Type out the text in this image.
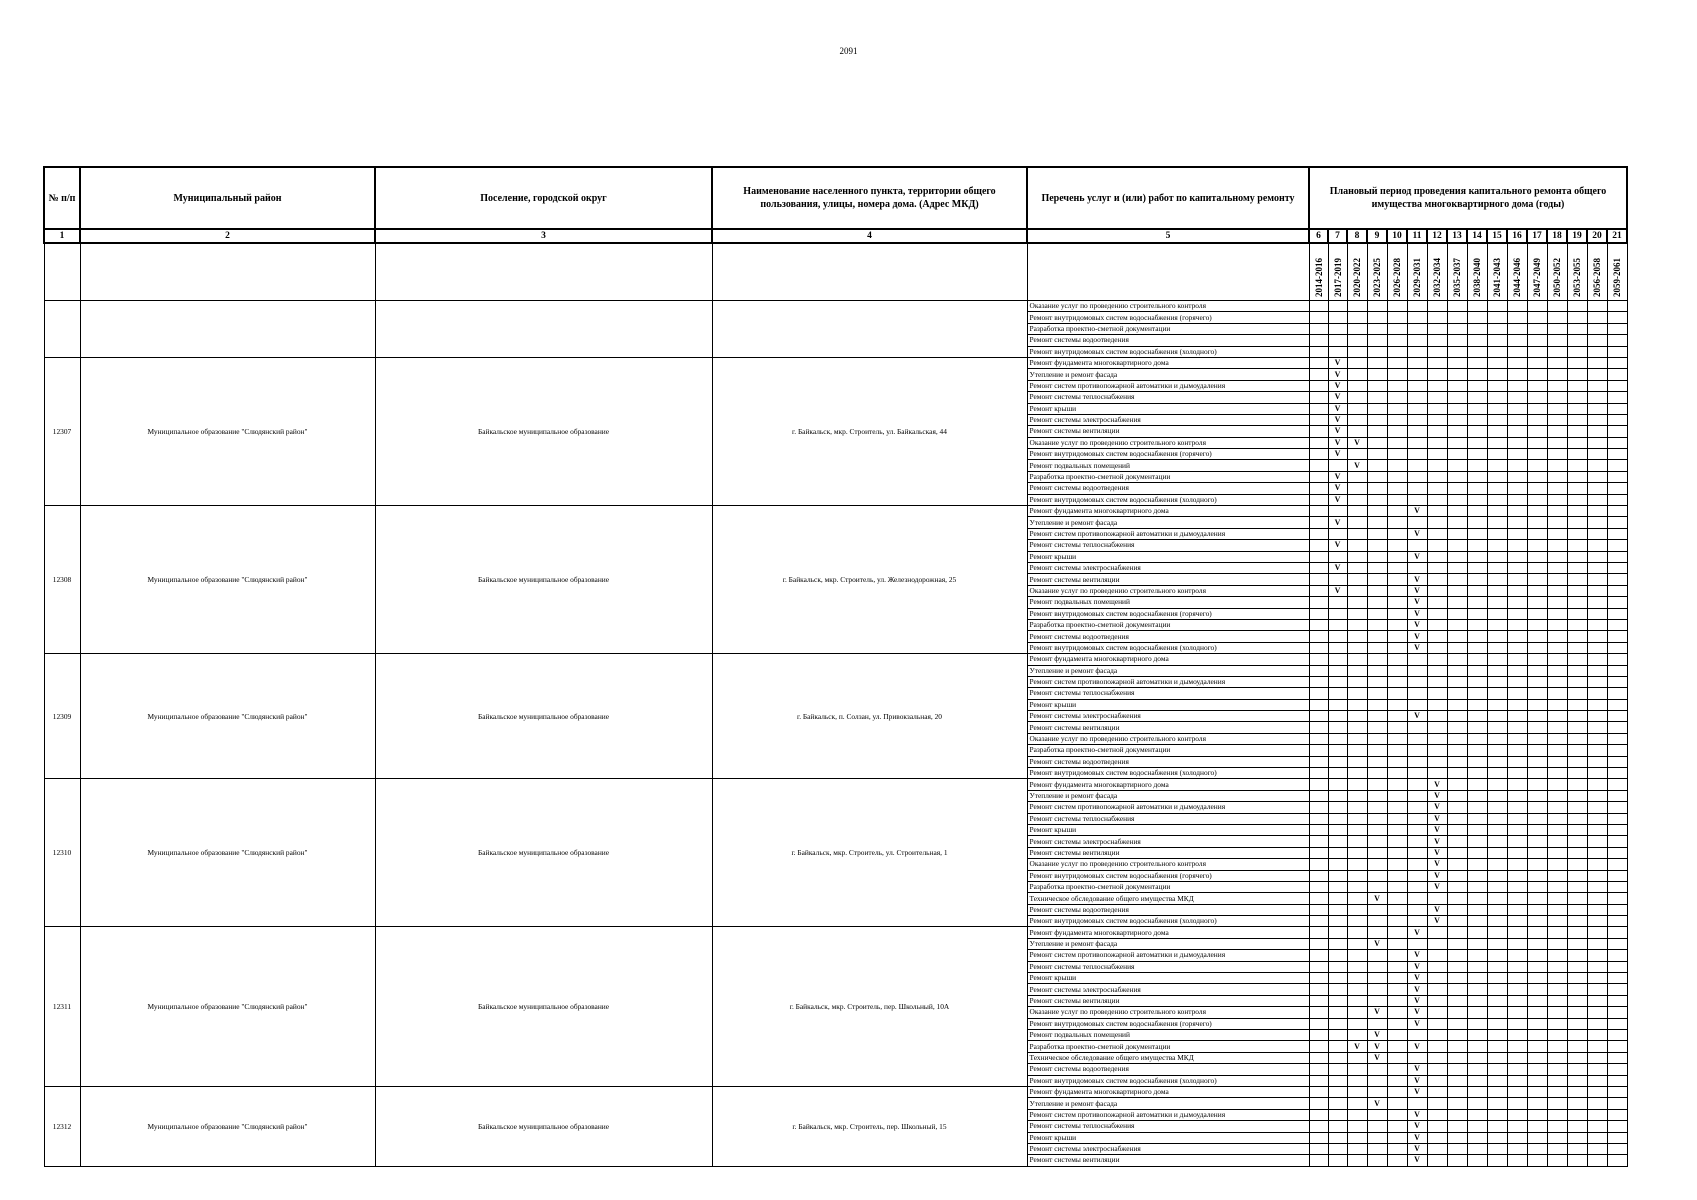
2091
№ п/п	Муниципальный район	Поселение, городской округ	Наименование населенного пункта, территории общего пользования, улицы, номера дома. (Адрес МКД)	Перечень услуг и (или) работ по капитальному ремонту	Плановый период проведения капитального ремонта общего имущества многоквартирного дома (годы)															
1	2	3	4	5	6	7	8	9	10	11	12	13	14	15	16	17	18	19	20	21
					2014-2016	2017-2019	2020-2022	2023-2025	2026-2028	2029-2031	2032-2034	2035-2037	2038-2040	2041-2043	2044-2046	2047-2049	2050-2052	2053-2055	2056-2058	2059-2061
				Оказание услуг по проведению строительного контроля																
				Ремонт внутридомовых систем водоснабжения (горячего)																
				Разработка проектно-сметной документации																
				Ремонт системы водоотведения																
				Ремонт внутридомовых систем водоснабжения (холодного)																
12307	Муниципальное образование "Слюдянский район"	Байкальское муниципальное образование	г. Байкальск, мкр. Строитель, ул. Байкальская, 44	Ремонт фундамента многоквартирного дома		V														
				Утепление и ремонт фасада		V														
				Ремонт систем противопожарной автоматики и дымоудаления		V														
				Ремонт системы теплоснабжения		V														
				Ремонт крыши		V														
				Ремонт системы электроснабжения		V														
				Ремонт системы вентиляции		V														
				Оказание услуг по проведению строительного контроля		V	V													
				Ремонт внутридомовых систем водоснабжения (горячего)		V														
				Ремонт подвальных помещений			V													
				Разработка проектно-сметной документации		V														
				Ремонт системы водоотведения		V														
				Ремонт внутридомовых систем водоснабжения (холодного)		V														
12308	Муниципальное образование "Слюдянский район"	Байкальское муниципальное образование	г. Байкальск, мкр. Строитель, ул. Железнодорожная, 25	Ремонт фундамента многоквартирного дома						V										
				Утепление и ремонт фасада		V														
				Ремонт систем противопожарной автоматики и дымоудаления						V										
				Ремонт системы теплоснабжения		V														
				Ремонт крыши						V										
				Ремонт системы электроснабжения		V														
				Ремонт системы вентиляции						V										
				Оказание услуг по проведению строительного контроля		V				V										
				Ремонт подвальных помещений						V										
				Ремонт внутридомовых систем водоснабжения (горячего)						V										
				Разработка проектно-сметной документации						V										
				Ремонт системы водоотведения						V										
				Ремонт внутридомовых систем водоснабжения (холодного)						V										
12309	Муниципальное образование "Слюдянский район"	Байкальское муниципальное образование	г. Байкальск, п. Солзан, ул. Привокзальная, 20	Ремонт фундамента многоквартирного дома																
				Утепление и ремонт фасада																
				Ремонт систем противопожарной автоматики и дымоудаления																
				Ремонт системы теплоснабжения																
				Ремонт крыши																
				Ремонт системы электроснабжения						V										
				Ремонт системы вентиляции																
				Оказание услуг по проведению строительного контроля																
				Разработка проектно-сметной документации																
				Ремонт системы водоотведения																
				Ремонт внутридомовых систем водоснабжения (холодного)																
12310	Муниципальное образование "Слюдянский район"	Байкальское муниципальное образование	г. Байкальск, мкр. Строитель, ул. Строительная, 1	Ремонт фундамента многоквартирного дома							V									
				Утепление и ремонт фасада							V									
				Ремонт систем противопожарной автоматики и дымоудаления							V									
				Ремонт системы теплоснабжения							V									
				Ремонт крыши							V									
				Ремонт системы электроснабжения							V									
				Ремонт системы вентиляции							V									
				Оказание услуг по проведению строительного контроля							V									
				Ремонт внутридомовых систем водоснабжения (горячего)							V									
				Разработка проектно-сметной документации							V									
				Техническое обследование общего имущества МКД				V												
				Ремонт системы водоотведения							V									
				Ремонт внутридомовых систем водоснабжения (холодного)							V									
12311	Муниципальное образование "Слюдянский район"	Байкальское муниципальное образование	г. Байкальск, мкр. Строитель, пер. Школьный, 10А	Ремонт фундамента многоквартирного дома						V										
				Утепление и ремонт фасада				V												
				Ремонт систем противопожарной автоматики и дымоудаления						V										
				Ремонт системы теплоснабжения						V										
				Ремонт крыши						V										
				Ремонт системы электроснабжения						V										
				Ремонт системы вентиляции						V										
				Оказание услуг по проведению строительного контроля				V		V										
				Ремонт внутридомовых систем водоснабжения (горячего)						V										
				Ремонт подвальных помещений				V												
				Разработка проектно-сметной документации			V	V		V										
				Техническое обследование общего имущества МКД				V												
				Ремонт системы водоотведения						V										
				Ремонт внутридомовых систем водоснабжения (холодного)						V										
12312	Муниципальное образование "Слюдянский район"	Байкальское муниципальное образование	г. Байкальск, мкр. Строитель, пер. Школьный, 15	Ремонт фундамента многоквартирного дома						V										
				Утепление и ремонт фасада				V												
				Ремонт систем противопожарной автоматики и дымоудаления						V										
				Ремонт системы теплоснабжения						V										
				Ремонт крыши						V										
				Ремонт системы электроснабжения						V										
				Ремонт системы вентиляции						V										
